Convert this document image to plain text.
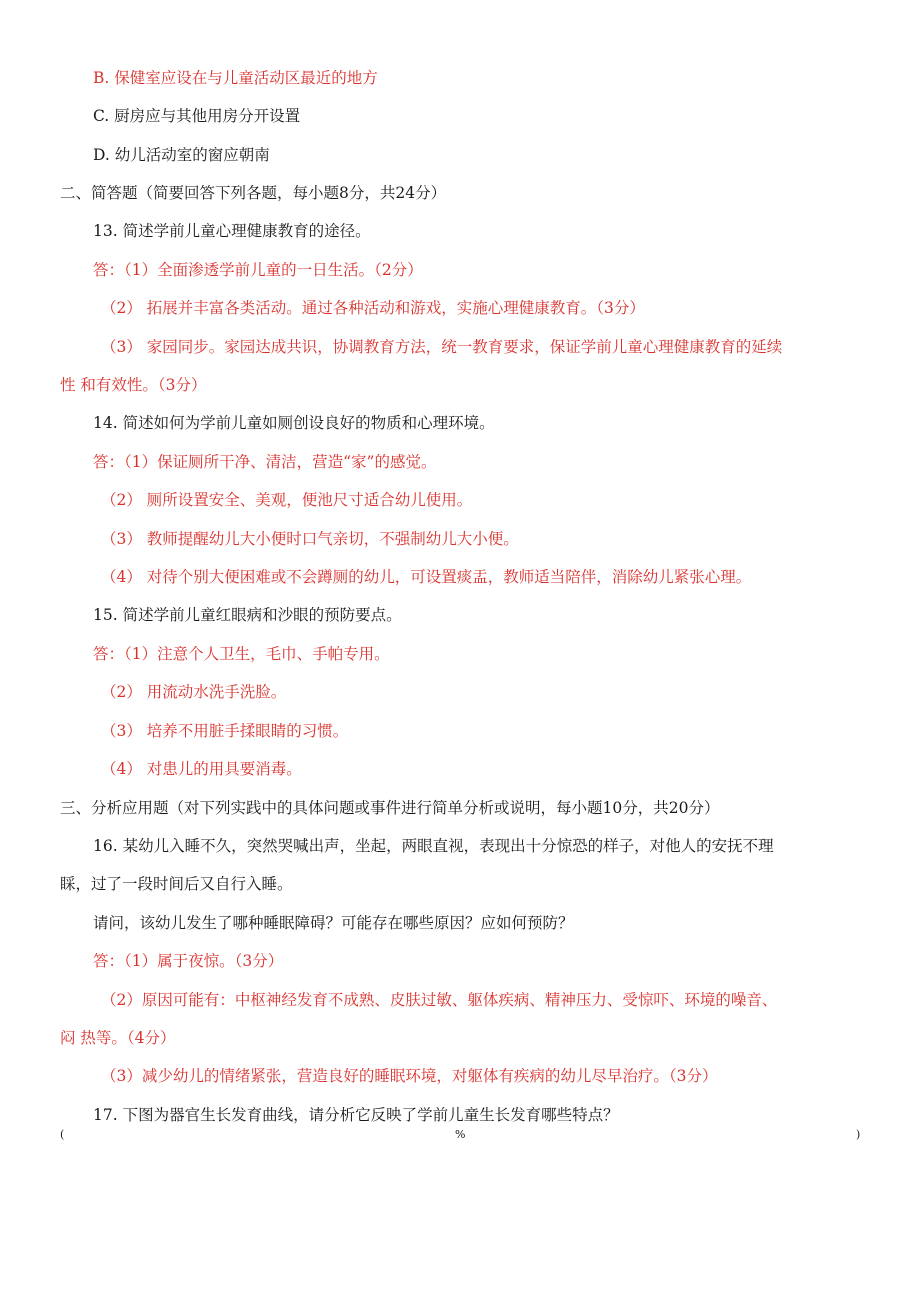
B. 保健室应设在与儿童活动区最近的地方
C. 厨房应与其他用房分开设置
D. 幼儿活动室的窗应朝南
二、简答题（简要回答下列各题，每小题8分，共24分）
13. 简述学前儿童心理健康教育的途径。
答：（1）全面渗透学前儿童的一日生活。（2分）
（2） 拓展并丰富各类活动。通过各种活动和游戏，实施心理健康教育。（3分）
（3） 家园同步。家园达成共识，协调教育方法，统一教育要求，保证学前儿童心理健康教育的延续
性 和有效性。（3分）
14. 简述如何为学前儿童如厕创设良好的物质和心理环境。
答：（1）保证厕所干净、清洁，营造“家”的感觉。
（2） 厕所设置安全、美观，便池尺寸适合幼儿使用。
（3） 教师提醒幼儿大小便时口气亲切，不强制幼儿大小便。
（4） 对待个别大便困难或不会蹲厕的幼儿，可设置痰盂，教师适当陪伴，消除幼儿紧张心理。
15. 简述学前儿童红眼病和沙眼的预防要点。
答：（1）注意个人卫生，毛巾、手帕专用。
（2） 用流动水洗手洗脸。
（3） 培养不用脏手揉眼睛的习惯。
（4） 对患儿的用具要消毒。
三、分析应用题（对下列实践中的具体问题或事件进行简单分析或说明，每小题10分，共20分）
16. 某幼儿入睡不久，突然哭喊出声，坐起，两眼直视，表现出十分惊恐的样子，对他人的安抚不理
睬，过了一段时间后又自行入睡。
请问，该幼儿发生了哪种睡眠障碍？可能存在哪些原因？应如何预防？
答：（1）属于夜惊。（3分）
（2）原因可能有：中枢神经发育不成熟、皮肤过敏、躯体疾病、精神压力、受惊吓、环境的噪音、
闷 热等。（4分）
（3）减少幼儿的情绪紧张，营造良好的睡眠环境，对躯体有疾病的幼儿尽早治疗。（3分）
17. 下图为器官生长发育曲线，请分析它反映了学前儿童生长发育哪些特点？
(	%	)
